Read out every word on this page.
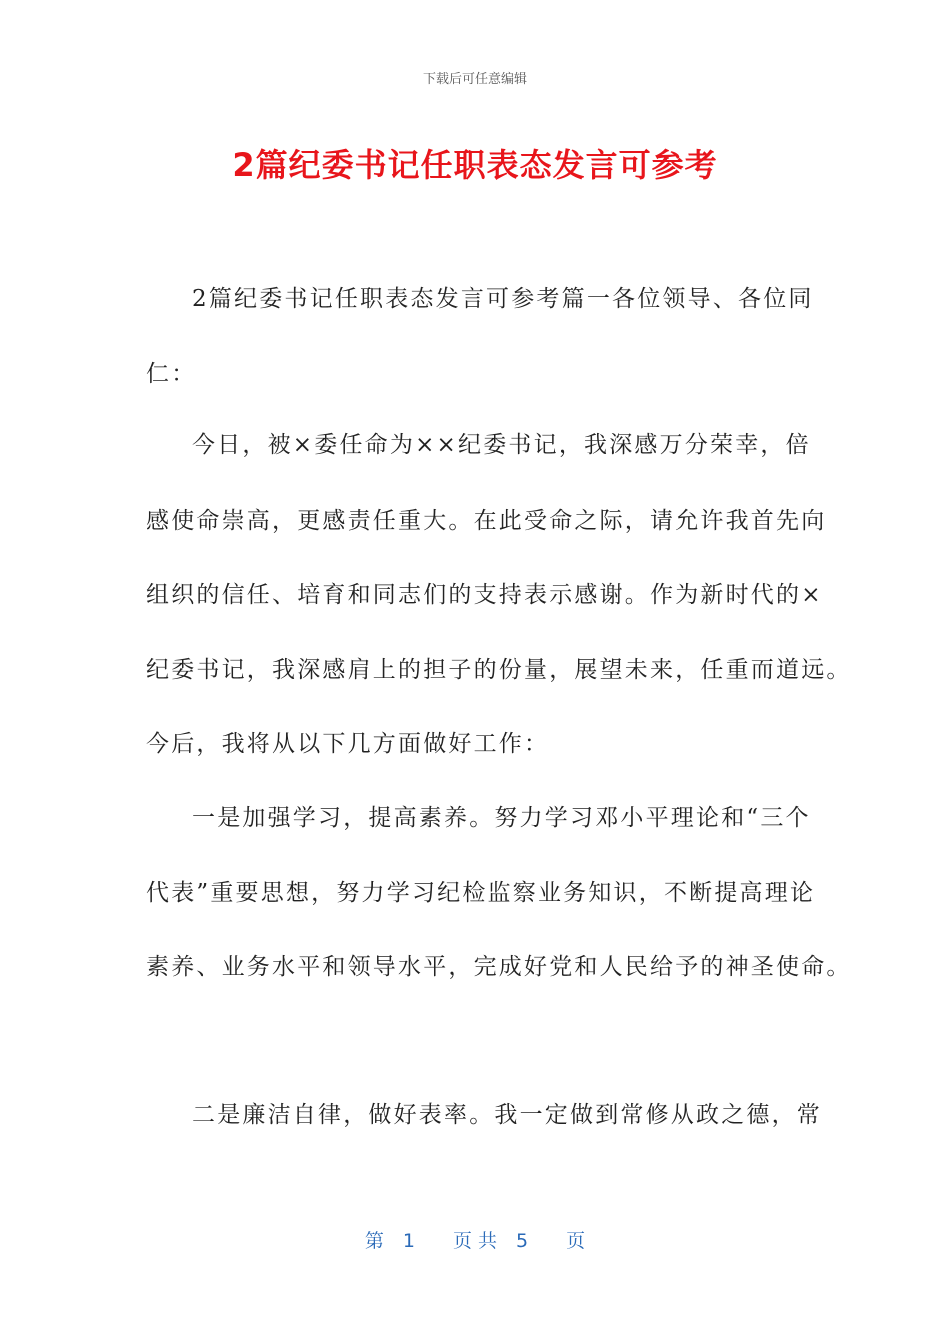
下载后可任意编辑
2篇纪委书记任职表态发言可参考
2篇纪委书记任职表态发言可参考篇一各位领导、各位同
仁：
今日，被×委任命为××纪委书记，我深感万分荣幸，倍
感使命崇高，更感责任重大。在此受命之际，请允许我首先向
组织的信任、培育和同志们的支持表示感谢。作为新时代的×
纪委书记，我深感肩上的担子的份量，展望未来，任重而道远。
今后，我将从以下几方面做好工作：
一是加强学习，提高素养。努力学习邓小平理论和“三个
代表”重要思想，努力学习纪检监察业务知识，不断提高理论
素养、业务水平和领导水平，完成好党和人民给予的神圣使命。
二是廉洁自律，做好表率。我一定做到常修从政之德，常
第　1　　页 共　5　　页
